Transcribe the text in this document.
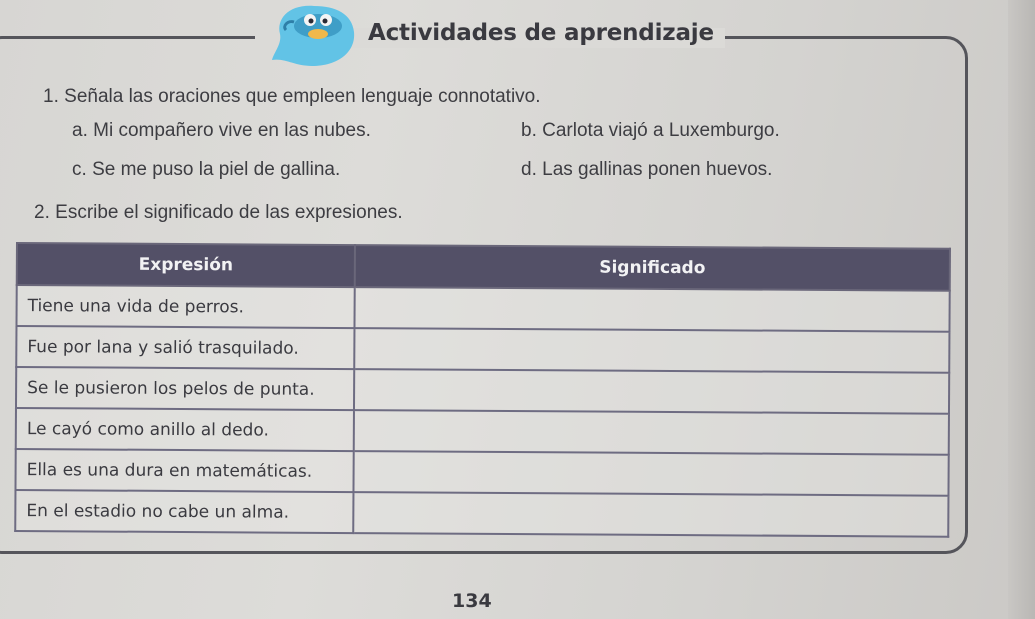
Actividades de aprendizaje
1. Señala las oraciones que empleen lenguaje connotativo.
a. Mi compañero vive en las nubes.	b. Carlota viajó a Luxemburgo.
c. Se me puso la piel de gallina.	d. Las gallinas ponen huevos.
2. Escribe el significado de las expresiones.
Expresión	Significado
Tiene una vida de perros.	
Fue por lana y salió trasquilado.	
Se le pusieron los pelos de punta.	
Le cayó como anillo al dedo.	
Ella es una dura en matemáticas.	
En el estadio no cabe un alma.	
134
